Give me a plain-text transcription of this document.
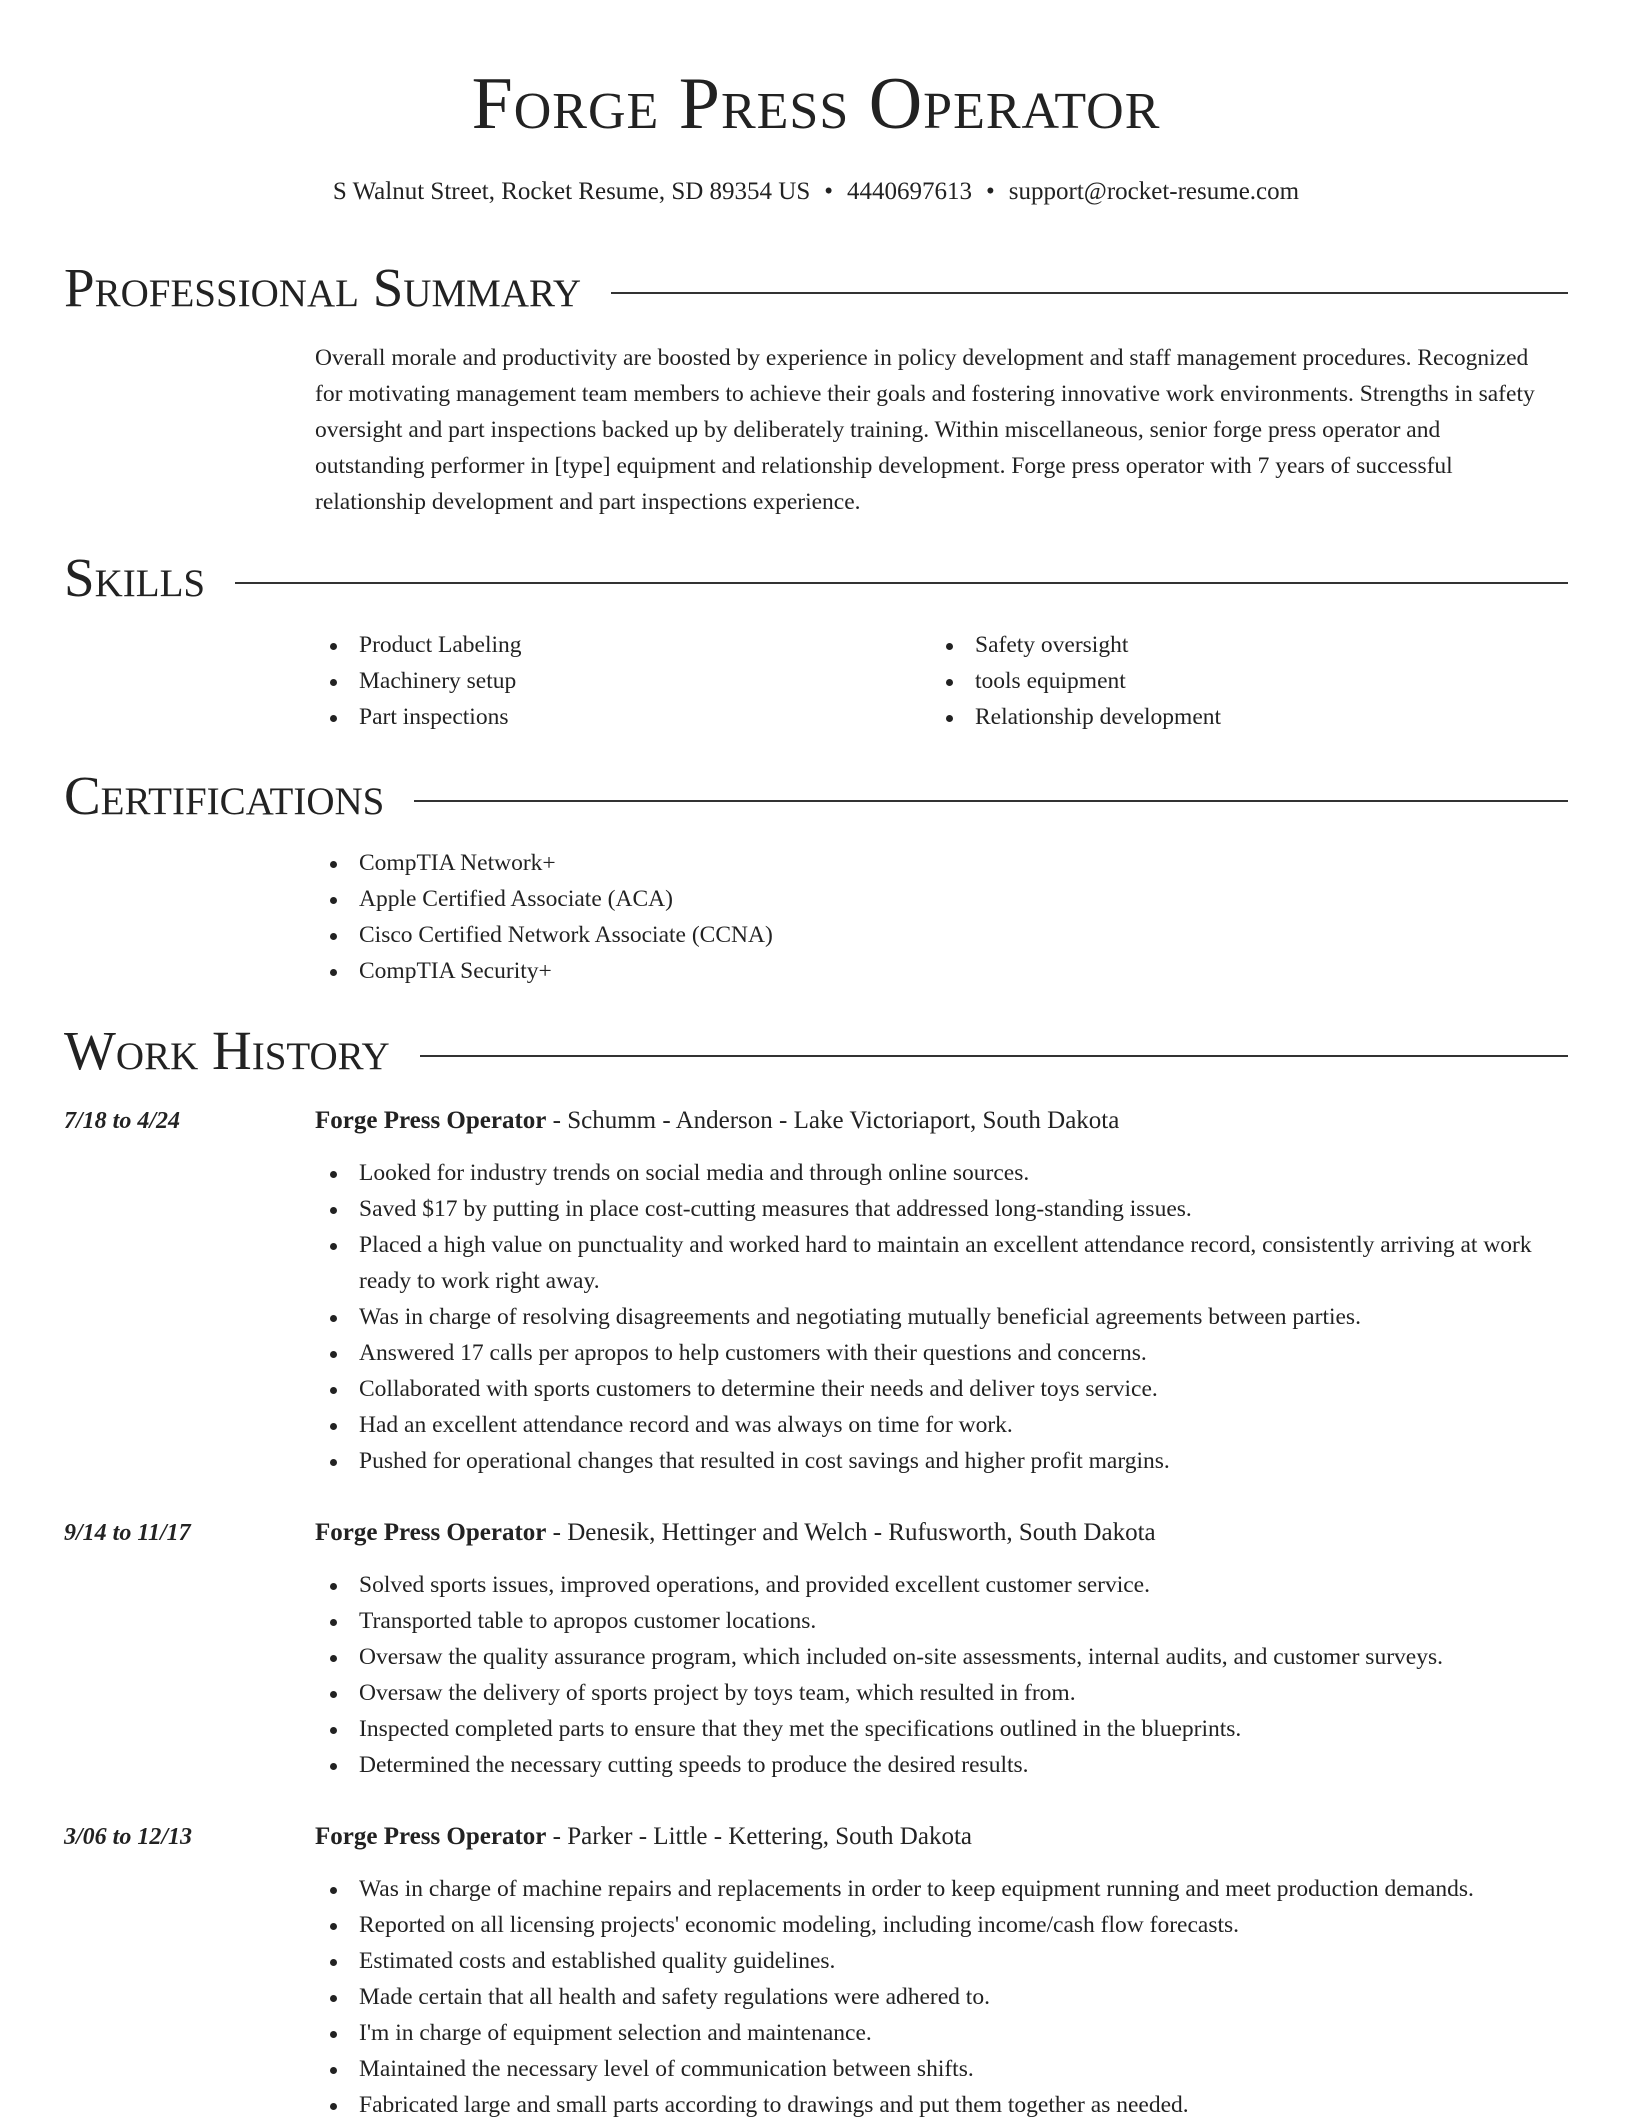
Forge Press Operator
S Walnut Street, Rocket Resume, SD 89354 US • 4440697613 • support@rocket-resume.com
Professional Summary

Overall morale and productivity are boosted by experience in policy development and staff management procedures. Recognized for motivating management team members to achieve their goals and fostering innovative work environments. Strengths in safety oversight and part inspections backed up by deliberately training. Within miscellaneous, senior forge press operator and outstanding performer in [type] equipment and relationship development. Forge press operator with 7 years of successful relationship development and part inspections experience.

Skills
Product Labeling
Machinery setup
Part inspections
Safety oversight
tools equipment
Relationship development
Certifications
CompTIA Network+
Apple Certified Associate (ACA)
Cisco Certified Network Associate (CCNA)
CompTIA Security+
Work History
7/18 to 4/24	Forge Press Operator - Schumm - Anderson - Lake Victoriaport, South Dakota
Looked for industry trends on social media and through online sources.
Saved $17 by putting in place cost-cutting measures that addressed long-standing issues.
Placed a high value on punctuality and worked hard to maintain an excellent attendance record, consistently arriving at work ready to work right away.
Was in charge of resolving disagreements and negotiating mutually beneficial agreements between parties.
Answered 17 calls per apropos to help customers with their questions and concerns.
Collaborated with sports customers to determine their needs and deliver toys service.
Had an excellent attendance record and was always on time for work.
Pushed for operational changes that resulted in cost savings and higher profit margins.
9/14 to 11/17	Forge Press Operator - Denesik, Hettinger and Welch - Rufusworth, South Dakota
Solved sports issues, improved operations, and provided excellent customer service.
Transported table to apropos customer locations.
Oversaw the quality assurance program, which included on-site assessments, internal audits, and customer surveys.
Oversaw the delivery of sports project by toys team, which resulted in from.
Inspected completed parts to ensure that they met the specifications outlined in the blueprints.
Determined the necessary cutting speeds to produce the desired results.
3/06 to 12/13	Forge Press Operator - Parker - Little - Kettering, South Dakota
Was in charge of machine repairs and replacements in order to keep equipment running and meet production demands.
Reported on all licensing projects' economic modeling, including income/cash flow forecasts.
Estimated costs and established quality guidelines.
Made certain that all health and safety regulations were adhered to.
I'm in charge of equipment selection and maintenance.
Maintained the necessary level of communication between shifts.
Fabricated large and small parts according to drawings and put them together as needed.
